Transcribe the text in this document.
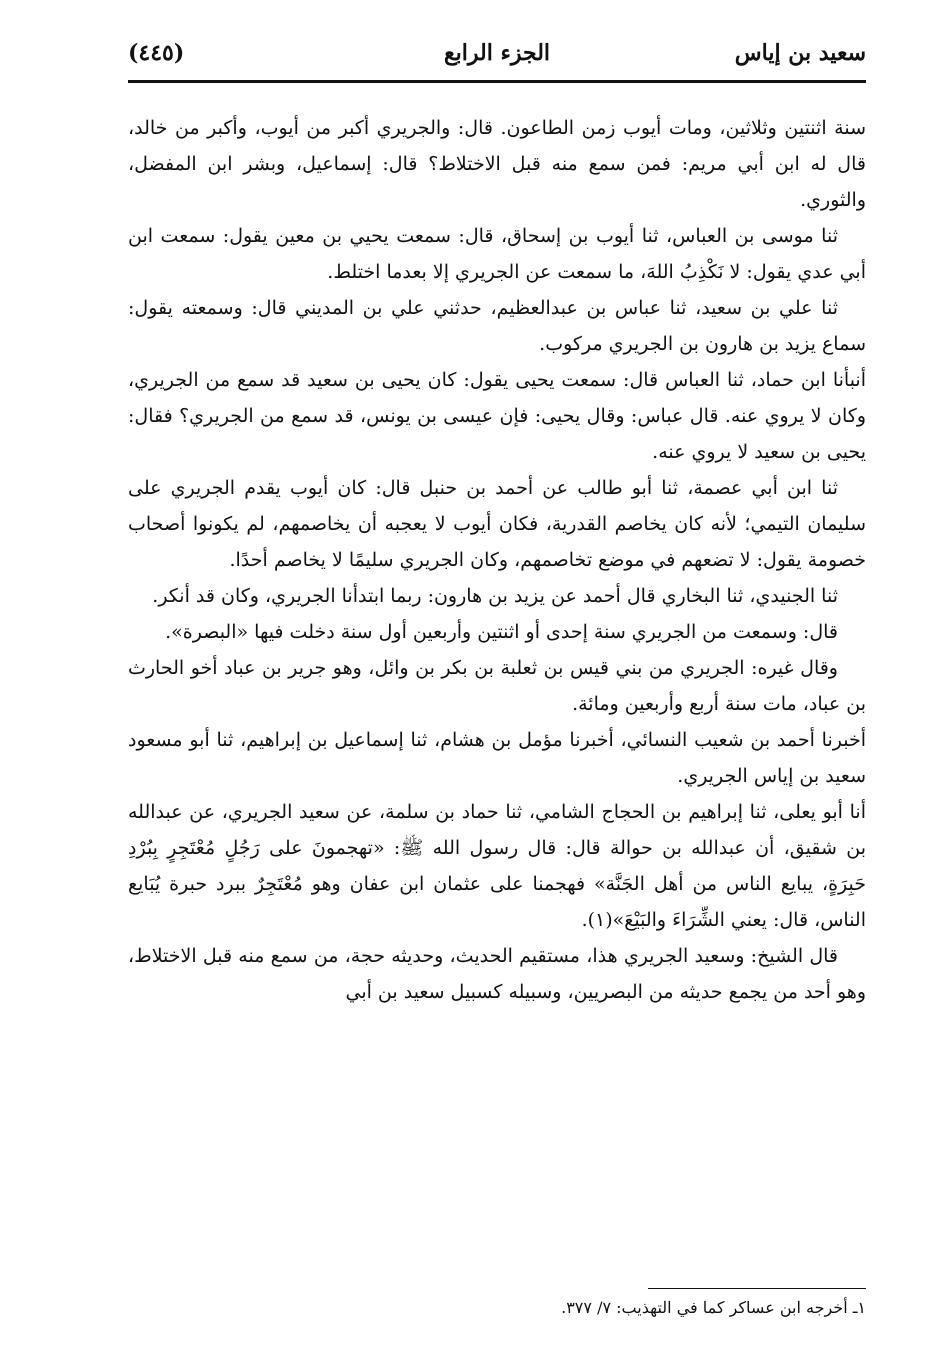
سعيد بن إياس
الجزء الرابع
(٤٤٥)

سنة اثنتين وثلاثين، ومات أيوب زمن الطاعون. قال: والجريري أكبر من أيوب، وأكبر من خالد، قال له ابن أبي مريم: فمن سمع منه قبل الاختلاط؟ قال: إسماعيل، وبشر ابن المفضل، والثوري.

ثنا موسى بن العباس، ثنا أيوب بن إسحاق، قال: سمعت يحيي بن معين يقول: سمعت ابن أبي عدي يقول: لا نَكْذِبُ اللهَ، ما سمعت عن الجريري إلا بعدما اختلط.

ثنا علي بن سعيد، ثنا عباس بن عبدالعظيم، حدثني علي بن المديني قال: وسمعته يقول: سماع يزيد بن هارون بن الجريري مركوب.

أنبأنا ابن حماد، ثنا العباس قال: سمعت يحيى يقول: كان يحيى بن سعيد قد سمع من الجريري، وكان لا يروي عنه. قال عباس: وقال يحيى: فإن عيسى بن يونس، قد سمع من الجريري؟ فقال: يحيى بن سعيد لا يروي عنه.

ثنا ابن أبي عصمة، ثنا أبو طالب عن أحمد بن حنبل قال: كان أيوب يقدم الجريري على سليمان التيمي؛ لأنه كان يخاصم القدرية، فكان أيوب لا يعجبه أن يخاصمهم، لم يكونوا أصحاب خصومة يقول: لا تضعهم في موضع تخاصمهم، وكان الجريري سليمًا لا يخاصم أحدًا.

ثنا الجنيدي، ثنا البخاري قال أحمد عن يزيد بن هارون: ربما ابتدأنا الجريري، وكان قد أنكر.

قال: وسمعت من الجريري سنة إحدى أو اثنتين وأربعين أول سنة دخلت فيها «البصرة».

وقال غيره: الجريري من بني قيس بن ثعلبة بن بكر بن وائل، وهو جرير بن عباد أخو الحارث بن عباد، مات سنة أربع وأربعين ومائة.

أخبرنا أحمد بن شعيب النسائي، أخبرنا مؤمل بن هشام، ثنا إسماعيل بن إبراهيم، ثنا أبو مسعود سعيد بن إياس الجريري.

أنا أبو يعلى، ثنا إبراهيم بن الحجاج الشامي، ثنا حماد بن سلمة، عن سعيد الجريري، عن عبدالله بن شقيق، أن عبدالله بن حوالة قال: قال رسول الله ﷺ: «تهجمونَ على رَجُلٍ مُعْتَجِرٍ بِبُرْدِ حَبِرَةٍ، يبايع الناس من أهل الجَنَّة» فهجمنا على عثمان ابن عفان وهو مُعْتَجِرٌ ببرد حبرة يُبَايع الناس، قال: يعني الشِّرَاءَ والبَيْعَ»(١).

قال الشيخ: وسعيد الجريري هذا، مستقيم الحديث، وحديثه حجة، من سمع منه قبل الاختلاط، وهو أحد من يجمع حديثه من البصريين، وسبيله كسبيل سعيد بن أبي

١ـ أخرجه ابن عساكر كما في التهذيب: ٧/ ٣٧٧.
